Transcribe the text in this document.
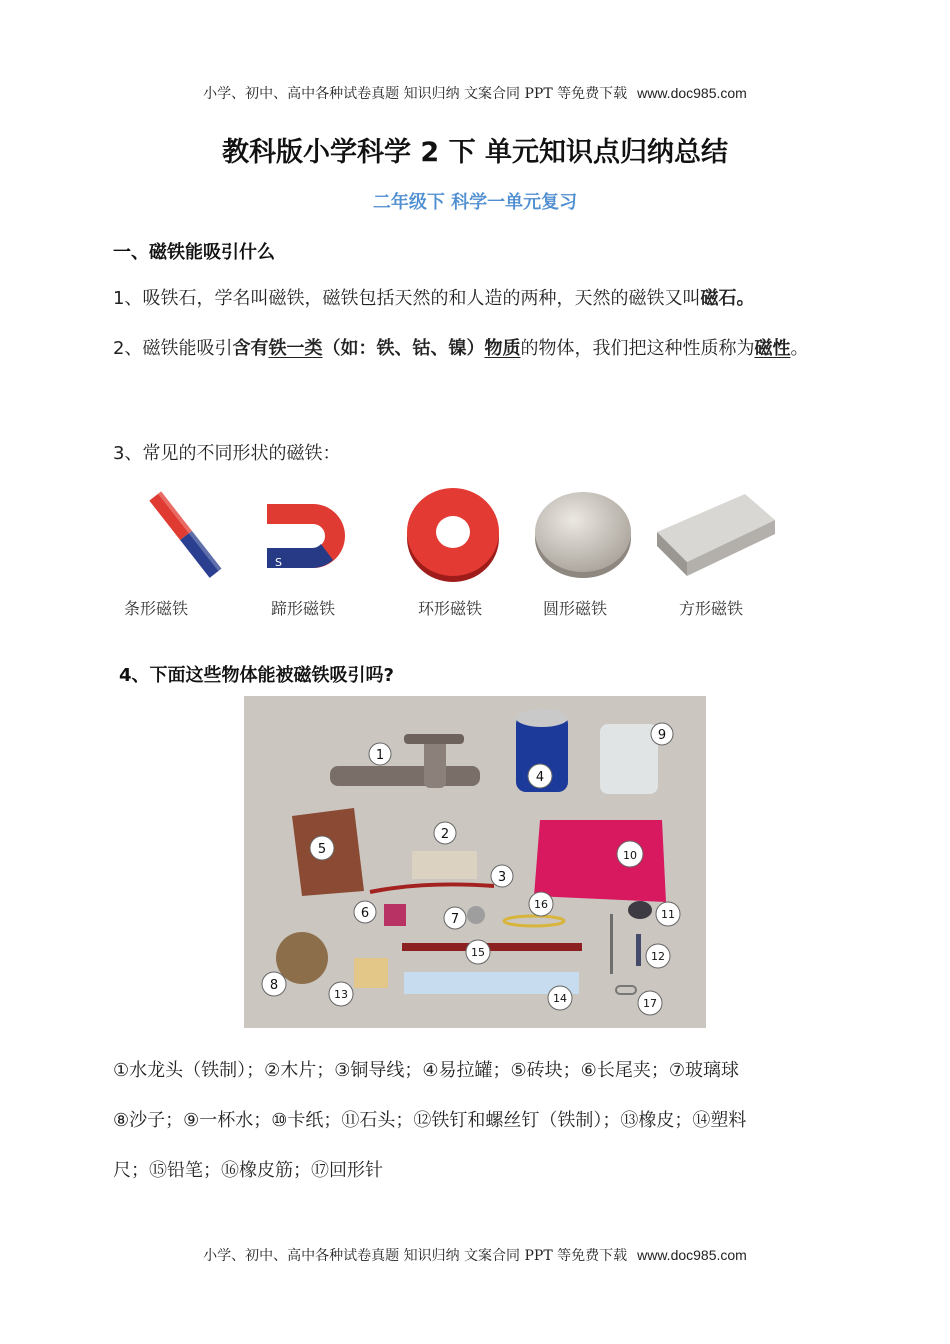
小学、初中、高中各种试卷真题 知识归纳 文案合同 PPT 等免费下载 www.doc985.com
教科版小学科学 2 下 单元知识点归纳总结
二年级下 科学一单元复习
一、磁铁能吸引什么
1、吸铁石，学名叫磁铁，磁铁包括天然的和人造的两种，天然的磁铁又叫磁石。
2、磁铁能吸引含有铁一类（如：铁、钴、镍）物质的物体，我们把这种性质称为磁性。
3、常见的不同形状的磁铁：
条形磁铁
S
蹄形磁铁	环形磁铁	圆形磁铁	方形磁铁
4、下面这些物体能被磁铁吸引吗?
1
2
3
4
5
6	7
8
9
10
11
12
13	14
15
16
17
①水龙头（铁制）；②木片；③铜导线；④易拉罐；⑤砖块；⑥长尾夹；⑦玻璃球
⑧沙子；⑨一杯水；⑩卡纸；⑪石头；⑫铁钉和螺丝钉（铁制）；⑬橡皮；⑭塑料
尺；⑮铅笔；⑯橡皮筋；⑰回形针
小学、初中、高中各种试卷真题 知识归纳 文案合同 PPT 等免费下载 www.doc985.com
